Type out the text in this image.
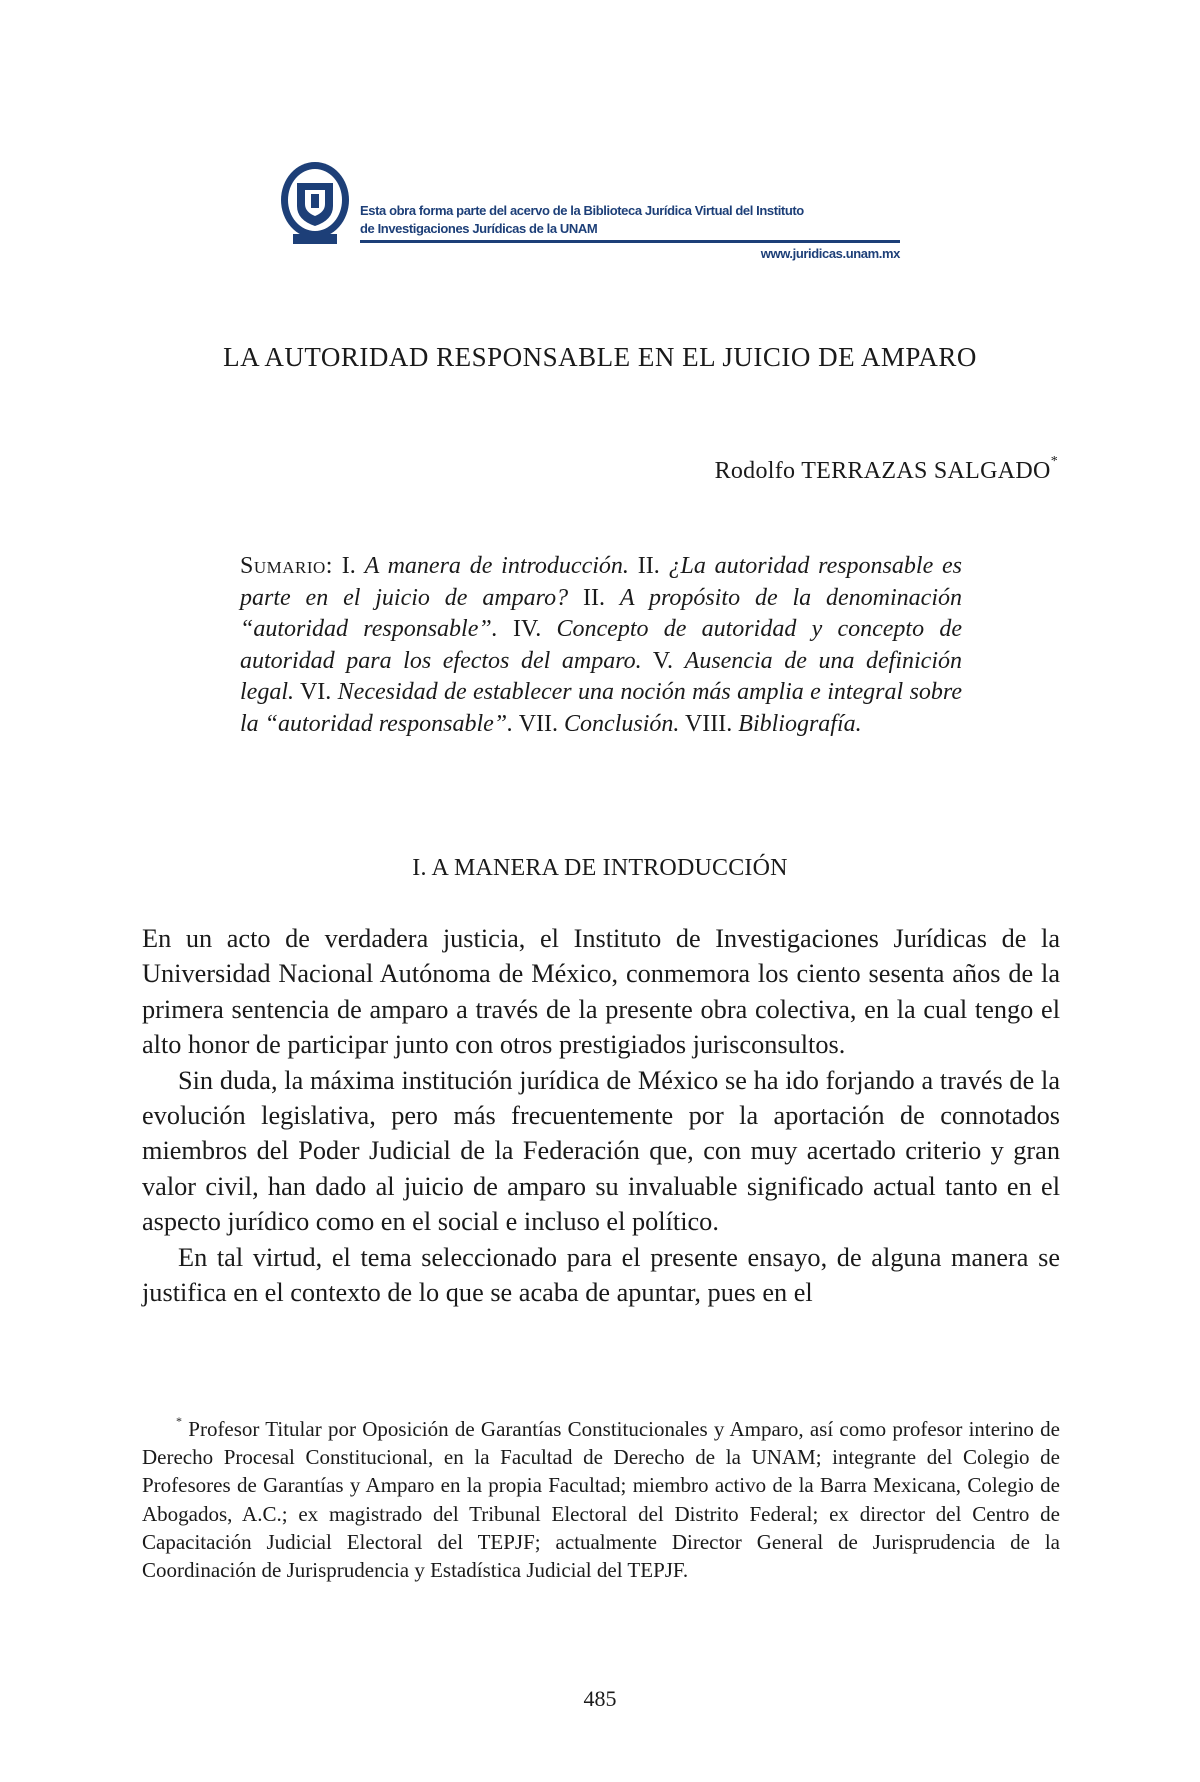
Esta obra forma parte del acervo de la Biblioteca Jurídica Virtual del Instituto
de Investigaciones Jurídicas de la UNAM
www.juridicas.unam.mx
LA AUTORIDAD RESPONSABLE EN EL JUICIO DE AMPARO
Rodolfo TERRAZAS SALGADO*
Sumario: I. A manera de introducción. II. ¿La autoridad responsable es parte en el juicio de amparo? II. A propósito de la denominación “autoridad responsable”. IV. Concepto de autoridad y concepto de autoridad para los efectos del amparo. V. Ausencia de una definición legal. VI. Necesidad de establecer una noción más amplia e integral sobre la “autoridad responsable”. VII. Conclusión. VIII. Bibliografía.
I. A MANERA DE INTRODUCCIÓN

En un acto de verdadera justicia, el Instituto de Investigaciones Jurídicas de la Universidad Nacional Autónoma de México, conmemora los ciento sesenta años de la primera sentencia de amparo a través de la presente obra colectiva, en la cual tengo el alto honor de participar junto con otros prestigiados jurisconsultos.

Sin duda, la máxima institución jurídica de México se ha ido forjando a través de la evolución legislativa, pero más frecuentemente por la aportación de connotados miembros del Poder Judicial de la Federación que, con muy acertado criterio y gran valor civil, han dado al juicio de amparo su invaluable significado actual tanto en el aspecto jurídico como en el social e incluso el político.

En tal virtud, el tema seleccionado para el presente ensayo, de alguna manera se justifica en el contexto de lo que se acaba de apuntar, pues en el

* Profesor Titular por Oposición de Garantías Constitucionales y Amparo, así como profesor interino de Derecho Procesal Constitucional, en la Facultad de Derecho de la UNAM; integrante del Colegio de Profesores de Garantías y Amparo en la propia Facultad; miembro activo de la Barra Mexicana, Colegio de Abogados, A.C.; ex magistrado del Tribunal Electoral del Distrito Federal; ex director del Centro de Capacitación Judicial Electoral del TEPJF; actualmente Director General de Jurisprudencia de la Coordinación de Jurisprudencia y Estadística Judicial del TEPJF.
485
